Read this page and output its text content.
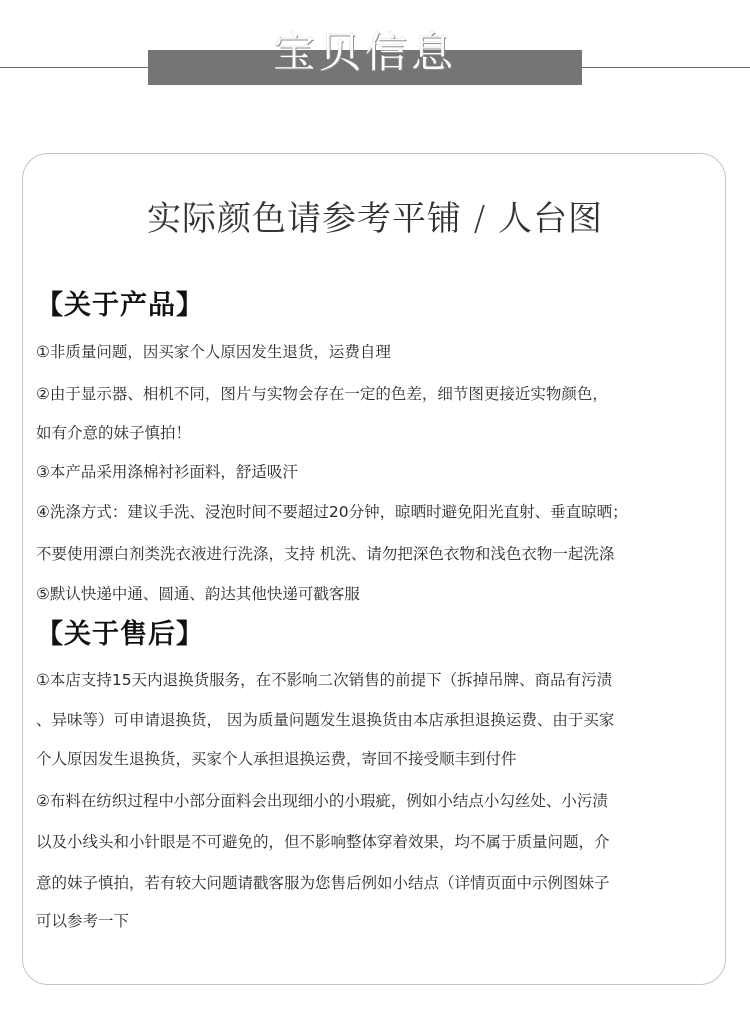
宝贝信息
实际颜色请参考平铺 / 人台图
【关于产品】
①非质量问题，因买家个人原因发生退货，运费自理
②由于显示器、相机不同，图片与实物会存在一定的色差，细节图更接近实物颜色，
如有介意的妹子慎拍！
③本产品采用涤棉衬衫面料，舒适吸汗
④洗涤方式：建议手洗、浸泡时间不要超过20分钟，晾晒时避免阳光直射、垂直晾晒；
不要使用漂白剂类洗衣液进行洗涤，支持 机洗、请勿把深色衣物和浅色衣物一起洗涤
⑤默认快递中通、圆通、韵达其他快递可戳客服
【关于售后】
①本店支持15天内退换货服务，在不影响二次销售的前提下（拆掉吊牌、商品有污渍
、异味等）可申请退换货， 因为质量问题发生退换货由本店承担退换运费、由于买家
个人原因发生退换货，买家个人承担退换运费，寄回不接受顺丰到付件
②布料在纺织过程中小部分面料会出现细小的小瑕疵，例如小结点小勾丝处、小污渍
以及小线头和小针眼是不可避免的，但不影响整体穿着效果，均不属于质量问题，介
意的妹子慎拍，若有较大问题请戳客服为您售后例如小结点（详情页面中示例图妹子
可以参考一下
